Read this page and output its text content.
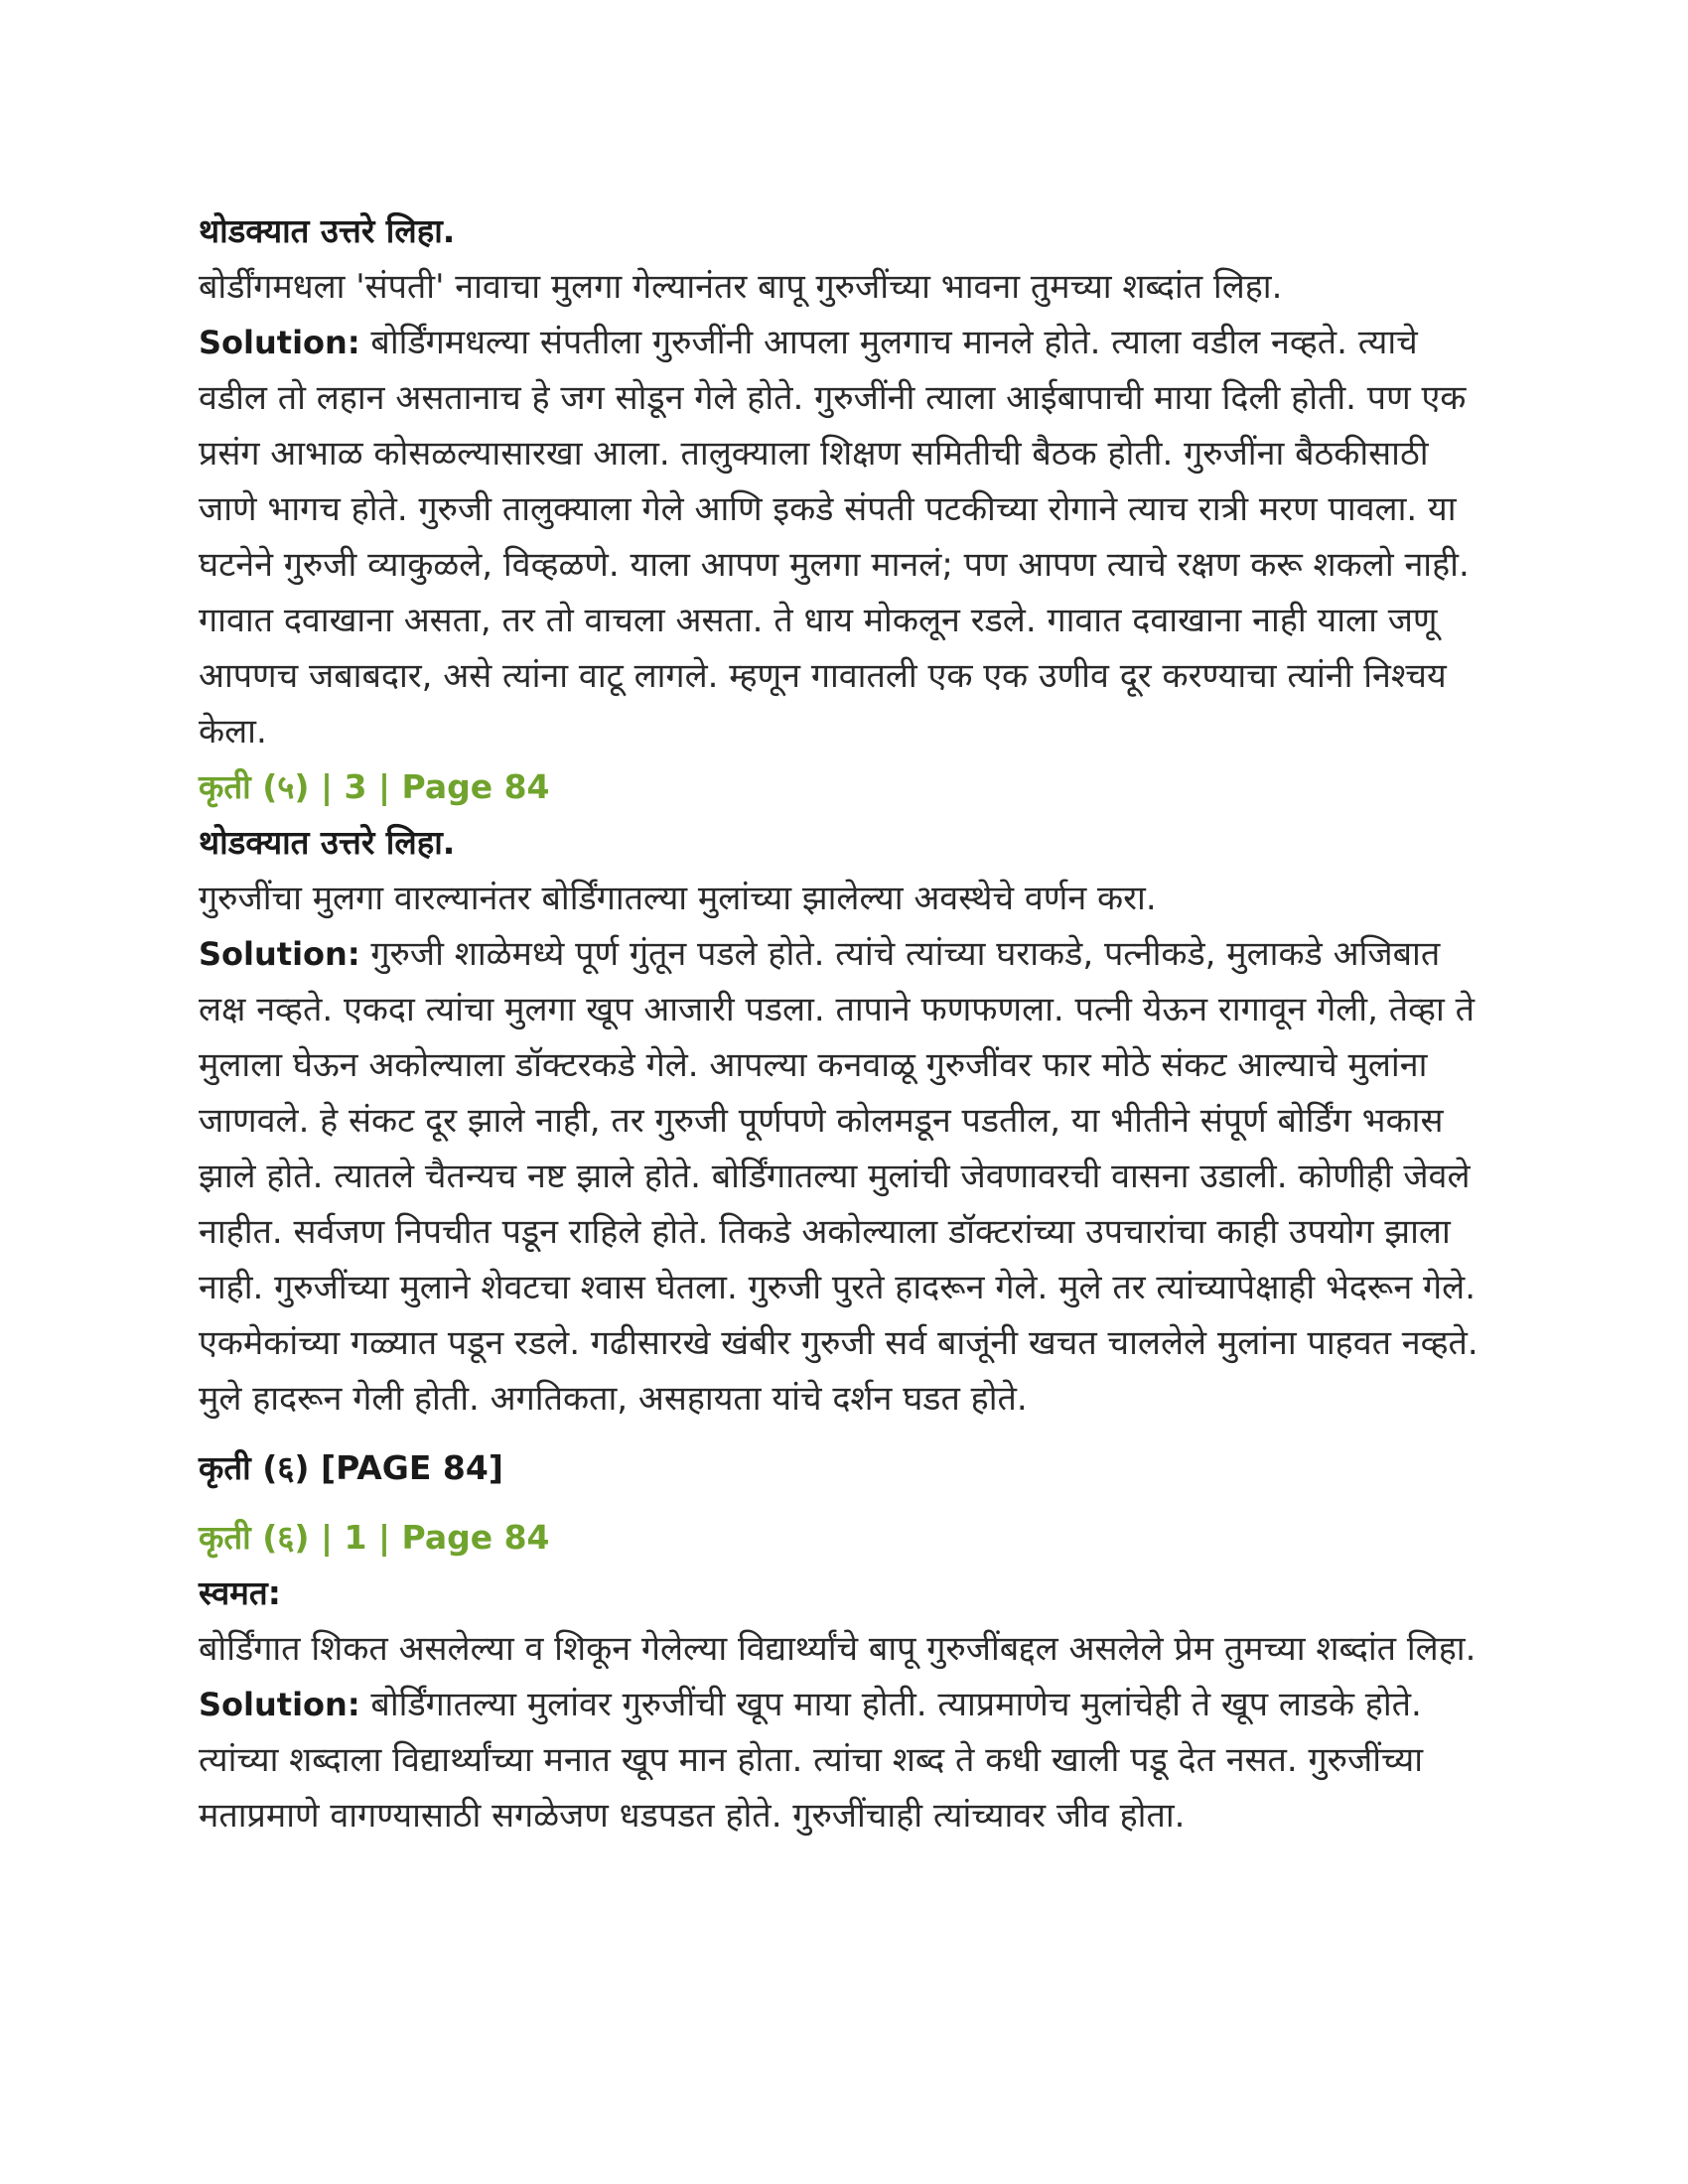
थोडक्यात उत्तरे लिहा.

बोर्डींगमधला 'संपती' नावाचा मुलगा गेल्यानंतर बापू गुरुजींच्या भावना तुमच्या शब्दांत लिहा.

Solution: बोर्डिंगमधल्या संपतीला गुरुजींनी आपला मुलगाच मानले होते. त्याला वडील नव्हते. त्याचे वडील तो लहान असतानाच हे जग सोडून गेले होते. गुरुजींनी त्याला आईबापाची माया दिली होती. पण एक प्रसंग आभाळ कोसळल्यासारखा आला. तालुक्याला शिक्षण समितीची बैठक होती. गुरुजींना बैठकीसाठी जाणे भागच होते. गुरुजी तालुक्याला गेले आणि इकडे संपती पटकीच्या रोगाने त्याच रात्री मरण पावला. या घटनेने गुरुजी व्याकुळले, विव्हळणे. याला आपण मुलगा मानलं; पण आपण त्याचे रक्षण करू शकलो नाही. गावात दवाखाना असता, तर तो वाचला असता. ते धाय मोकलून रडले. गावात दवाखाना नाही याला जणू आपणच जबाबदार, असे त्यांना वाटू लागले. म्हणून गावातली एक एक उणीव दूर करण्याचा त्यांनी निश्चय केला.

कृती (५) | 3 | Page 84

थोडक्यात उत्तरे लिहा.

गुरुजींचा मुलगा वारल्यानंतर बोर्डिंगातल्या मुलांच्या झालेल्या अवस्थेचे वर्णन करा.

Solution: गुरुजी शाळेमध्ये पूर्ण गुंतून पडले होते. त्यांचे त्यांच्या घराकडे, पत्नीकडे, मुलाकडे अजिबात लक्ष नव्हते. एकदा त्यांचा मुलगा खूप आजारी पडला. तापाने फणफणला. पत्नी येऊन रागावून गेली, तेव्हा ते मुलाला घेऊन अकोल्याला डॉक्टरकडे गेले. आपल्या कनवाळू गुरुजींवर फार मोठे संकट आल्याचे मुलांना जाणवले. हे संकट दूर झाले नाही, तर गुरुजी पूर्णपणे कोलमडून पडतील, या भीतीने संपूर्ण बोर्डिंग भकास झाले होते. त्यातले चैतन्यच नष्ट झाले होते. बोर्डिंगातल्या मुलांची जेवणावरची वासना उडाली. कोणीही जेवले नाहीत. सर्वजण निपचीत पडून राहिले होते. तिकडे अकोल्याला डॉक्टरांच्या उपचारांचा काही उपयोग झाला नाही. गुरुजींच्या मुलाने शेवटचा श्वास घेतला. गुरुजी पुरते हादरून गेले. मुले तर त्यांच्यापेक्षाही भेदरून गेले. एकमेकांच्या गळ्यात पडून रडले. गढीसारखे खंबीर गुरुजी सर्व बाजूंनी खचत चाललेले मुलांना पाहवत नव्हते. मुले हादरून गेली होती. अगतिकता, असहायता यांचे दर्शन घडत होते.

कृती (६) [PAGE 84]

कृती (६) | 1 | Page 84

स्वमत:

बोर्डिंगात शिकत असलेल्या व शिकून गेलेल्या विद्यार्थ्यांचे बापू गुरुजींबद्दल असलेले प्रेम तुमच्या शब्दांत लिहा.

Solution: बोर्डिंगातल्या मुलांवर गुरुजींची खूप माया होती. त्याप्रमाणेच मुलांचेही ते खूप लाडके होते. त्यांच्या शब्दाला विद्यार्थ्यांच्या मनात खूप मान होता. त्यांचा शब्द ते कधी खाली पडू देत नसत. गुरुजींच्या मताप्रमाणे वागण्यासाठी सगळेजण धडपडत होते. गुरुजींचाही त्यांच्यावर जीव होता.
